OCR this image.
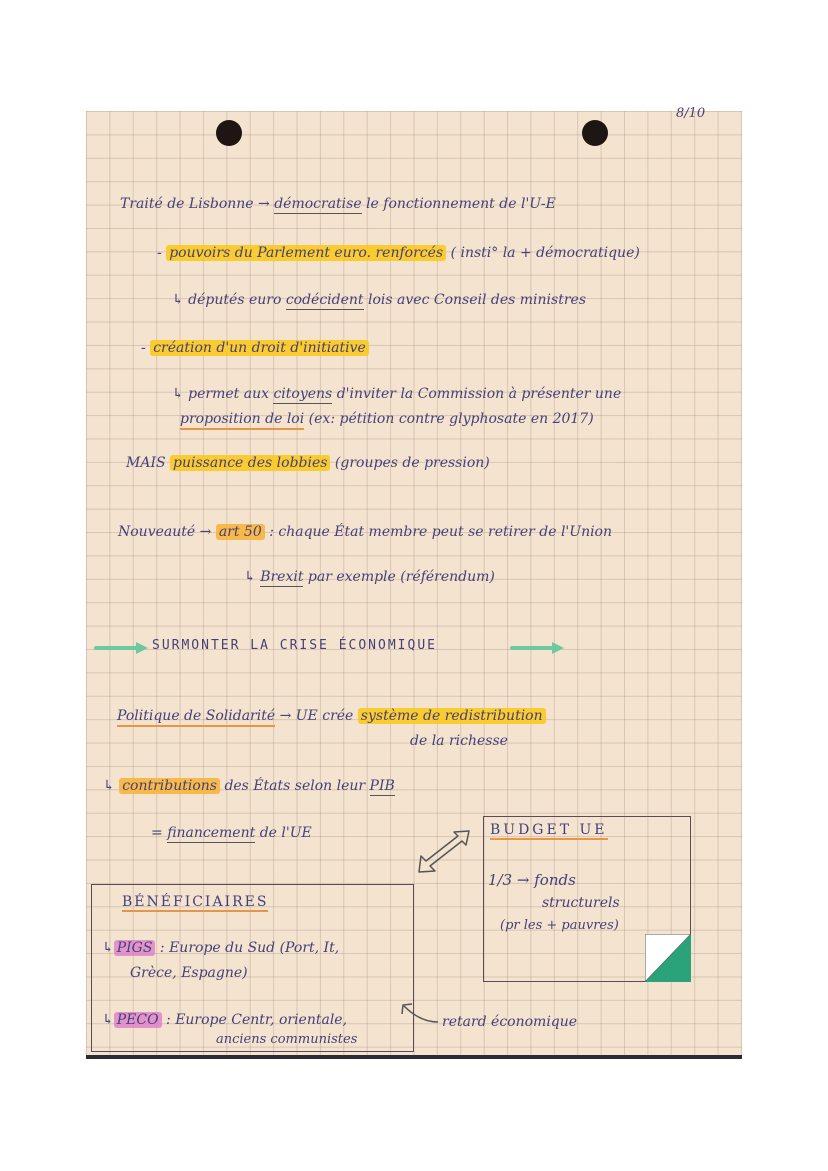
8/10
Traité de Lisbonne → démocratise le fonctionnement de l'U-E
- pouvoirs du Parlement euro. renforcés ( insti° la + démocratique)
↳ députés euro codécident lois avec Conseil des ministres
- création d'un droit d'initiative
↳ permet aux citoyens d'inviter la Commission à présenter une
proposition de loi (ex: pétition contre glyphosate en 2017)
MAIS puissance des lobbies (groupes de pression)
Nouveauté → art 50 : chaque État membre peut se retirer de l'Union
↳ Brexit par exemple (référendum)
SURMONTER LA CRISE ÉCONOMIQUE
Politique de Solidarité → UE crée système de redistribution
de la richesse
↳ contributions des États selon leur PIB
= financement de l'UE	BUDGET UE
1/3 → fonds
structurels
(pr les + pauvres)
BÉNÉFICIAIRES
↳ PIGS : Europe du Sud (Port, It,
Grèce, Espagne)
↳ PECO : Europe Centr, orientale,
anciens communistes
retard économique
